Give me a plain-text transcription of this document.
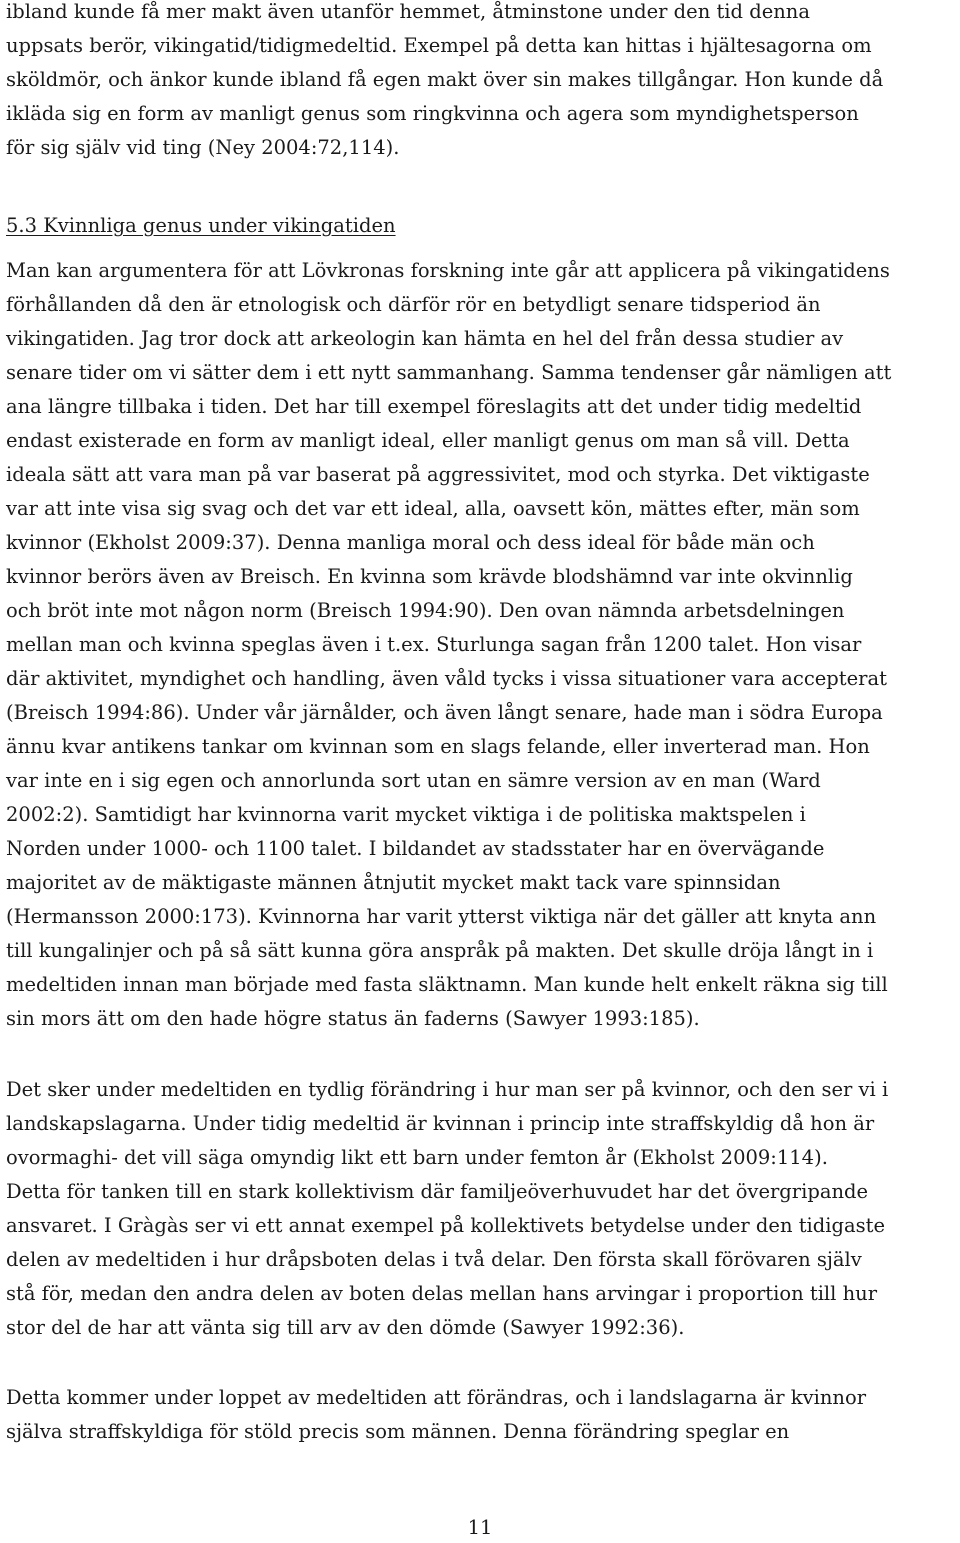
ibland kunde få mer makt även utanför hemmet, åtminstone under den tid denna
uppsats berör, vikingatid/tidigmedeltid. Exempel på detta kan hittas i hjältesagorna om
sköldmör, och änkor kunde ibland få egen makt över sin makes tillgångar. Hon kunde då
ikläda sig en form av manligt genus som ringkvinna och agera som myndighetsperson
för sig själv vid ting (Ney 2004:72,114).
5.3 Kvinnliga genus under vikingatiden
Man kan argumentera för att Lövkronas forskning inte går att applicera på vikingatidens
förhållanden då den är etnologisk och därför rör en betydligt senare tidsperiod än
vikingatiden. Jag tror dock att arkeologin kan hämta en hel del från dessa studier av
senare tider om vi sätter dem i ett nytt sammanhang. Samma tendenser går nämligen att
ana längre tillbaka i tiden. Det har till exempel föreslagits att det under tidig medeltid
endast existerade en form av manligt ideal, eller manligt genus om man så vill. Detta
ideala sätt att vara man på var baserat på aggressivitet, mod och styrka. Det viktigaste
var att inte visa sig svag och det var ett ideal, alla, oavsett kön, mättes efter, män som
kvinnor (Ekholst 2009:37). Denna manliga moral och dess ideal för både män och
kvinnor berörs även av Breisch. En kvinna som krävde blodshämnd var inte okvinnlig
och bröt inte mot någon norm (Breisch 1994:90). Den ovan nämnda arbetsdelningen
mellan man och kvinna speglas även i t.ex. Sturlunga sagan från 1200 talet. Hon visar
där aktivitet, myndighet och handling, även våld tycks i vissa situationer vara accepterat
(Breisch 1994:86). Under vår järnålder, och även långt senare, hade man i södra Europa
ännu kvar antikens tankar om kvinnan som en slags felande, eller inverterad man. Hon
var inte en i sig egen och annorlunda sort utan en sämre version av en man (Ward
2002:2). Samtidigt har kvinnorna varit mycket viktiga i de politiska maktspelen i
Norden under 1000- och 1100 talet. I bildandet av stadsstater har en övervägande
majoritet av de mäktigaste männen åtnjutit mycket makt tack vare spinnsidan
(Hermansson 2000:173). Kvinnorna har varit ytterst viktiga när det gäller att knyta ann
till kungalinjer och på så sätt kunna göra anspråk på makten. Det skulle dröja långt in i
medeltiden innan man började med fasta släktnamn. Man kunde helt enkelt räkna sig till
sin mors ätt om den hade högre status än faderns (Sawyer 1993:185).
Det sker under medeltiden en tydlig förändring i hur man ser på kvinnor, och den ser vi i
landskapslagarna. Under tidig medeltid är kvinnan i princip inte straffskyldig då hon är
ovormaghi- det vill säga omyndig likt ett barn under femton år (Ekholst 2009:114).
Detta för tanken till en stark kollektivism där familjeöverhuvudet har det övergripande
ansvaret. I Gràgàs ser vi ett annat exempel på kollektivets betydelse under den tidigaste
delen av medeltiden i hur dråpsboten delas i två delar. Den första skall förövaren själv
stå för, medan den andra delen av boten delas mellan hans arvingar i proportion till hur
stor del de har att vänta sig till arv av den dömde (Sawyer 1992:36).
Detta kommer under loppet av medeltiden att förändras, och i landslagarna är kvinnor
själva straffskyldiga för stöld precis som männen. Denna förändring speglar en
11
